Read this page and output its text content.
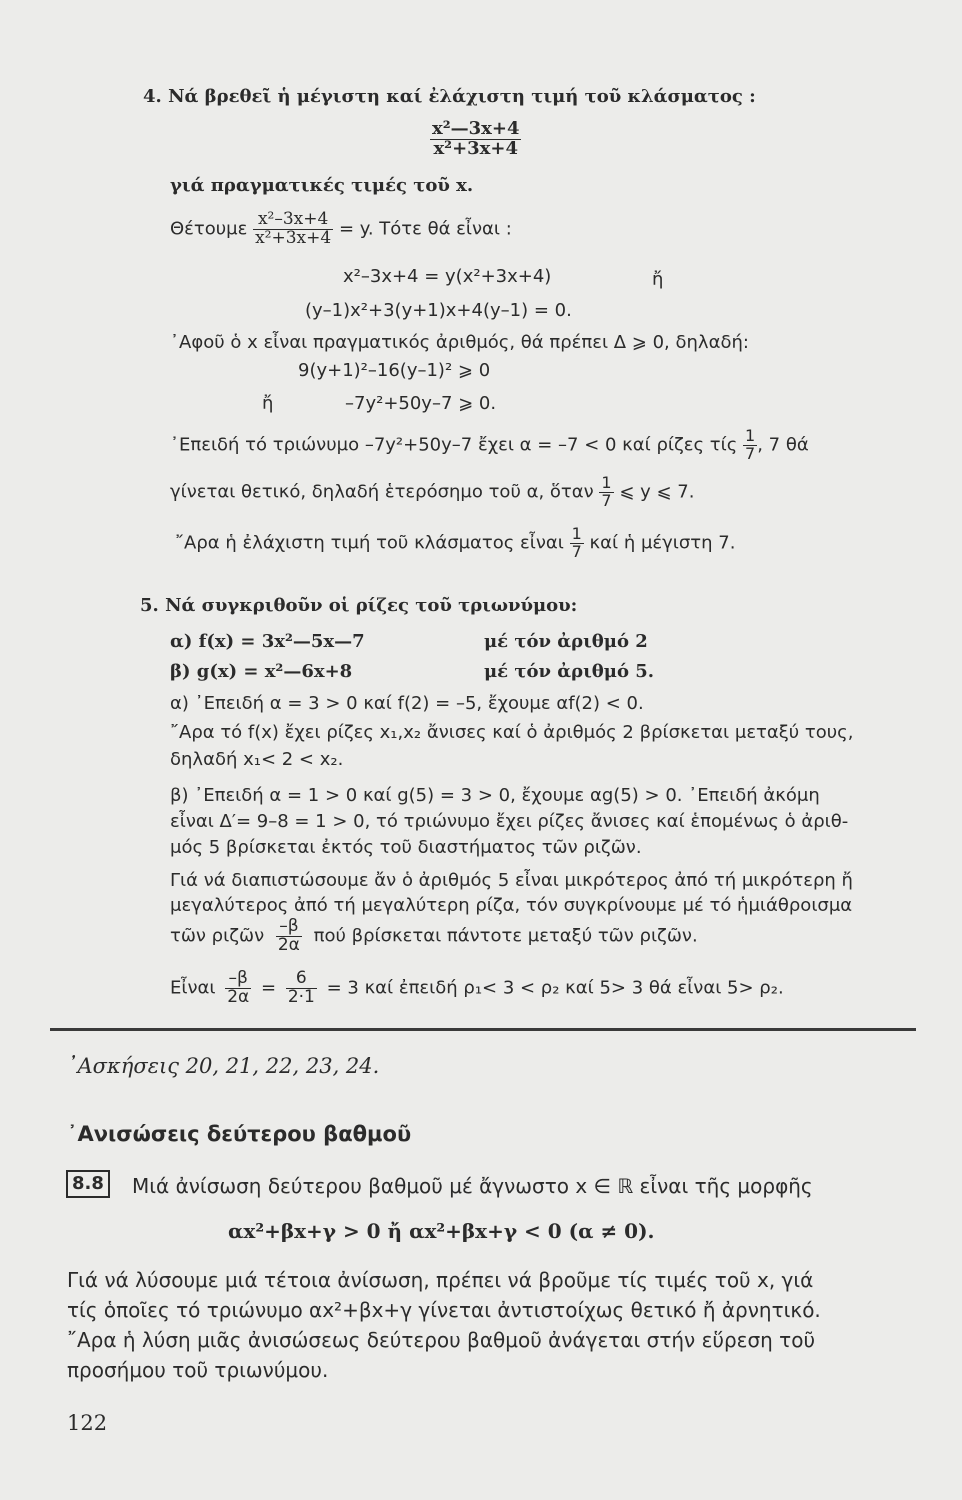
4. Νά βρεθεῖ ἡ μέγιστη καί ἐλάχιστη τιμή τοῦ κλάσματος :
$\frac{\text{x²—3x+4}}{\text{x²+3x+4}}$
γιά πραγματικές τιμές τοῦ x.
Θέτουμε $\frac{\text{x²–3x+4}}{\text{x²+3x+4}} = y$. Τότε θά εἶναι :
x²–3x+4 = y(x²+3x+4)	ἤ
(y–1)x²+3(y+1)x+4(y–1) = 0.
᾿Αφοῦ ὁ x εἶναι πραγματικός ἀριθμός, θά πρέπει Δ ⩾ 0, δηλαδή:
9(y+1)²–16(y–1)² ⩾ 0
ἤ	–7y²+50y–7 ⩾ 0.
᾿Επειδή τό τριώνυμο –7y²+50y–7 ἔχει α = –7 < 0 καί ρίζες τίς $\frac{1}{7}$ , 7 θά
γίνεται θετικό, δηλαδή ἑτερόσημο τοῦ α, ὅταν $\frac{1}{7}$ ⩽ y ⩽ 7.
῎Αρα ἡ ἐλάχιστη τιμή τοῦ κλάσματος εἶναι $\frac{1}{7}$ καί ἡ μέγιστη 7.
5. Νά συγκριθοῦν οἱ ρίζες τοῦ τριωνύμου:
α) f(x) = 3x²—5x—7	μέ τόν ἀριθμό 2
β) g(x) = x²—6x+8	μέ τόν ἀριθμό 5.
α) ᾿Επειδή α = 3 > 0 καί f(2) = –5, ἔχουμε αf(2) < 0.
῎Αρα τό f(x) ἔχει ρίζες x₁,x₂ ἄνισες καί ὁ ἀριθμός 2 βρίσκεται μεταξύ τους,
δηλαδή x₁< 2 < x₂.
β) ᾿Επειδή α = 1 > 0 καί g(5) = 3 > 0, ἔχουμε αg(5) > 0. ᾿Επειδή ἀκόμη
εἶναι Δ′= 9–8 = 1 > 0, τό τριώνυμο ἔχει ρίζες ἄνισες καί ἑπομένως ὁ ἀριθ-
μός 5 βρίσκεται ἐκτός τοῦ διαστήματος τῶν ριζῶν.
Γιά νά διαπιστώσουμε ἄν ὁ ἀριθμός 5 εἶναι μικρότερος ἀπό τή μικρότερη ἤ
μεγαλύτερος ἀπό τή μεγαλύτερη ρίζα, τόν συγκρίνουμε μέ τό ἡμιάθροισμα
τῶν ριζῶν $\frac{-\beta}{2\alpha}$ πού βρίσκεται πάντοτε μεταξύ τῶν ριζῶν.
Εἶναι $\frac{-\beta}{2\alpha} = \frac{6}{2\cdot 1} = 3$ καί ἐπειδή ρ₁< 3 < ρ₂ καί 5> 3 θά εἶναι 5> ρ₂.
᾿Ασκήσεις 20, 21, 22, 23, 24.
᾿Ανισώσεις δεύτερου βαθμοῦ
8.8	Μιά ἀνίσωση δεύτερου βαθμοῦ μέ ἄγνωστο x ∈ ℝ εἶναι τῆς μορφῆς
αx²+βx+γ > 0 ἤ αx²+βx+γ < 0 (α ≠ 0).
Γιά νά λύσουμε μιά τέτοια ἀνίσωση, πρέπει νά βροῦμε τίς τιμές τοῦ x, γιά
τίς ὁποῖες τό τριώνυμο αx²+βx+γ γίνεται ἀντιστοίχως θετικό ἤ ἀρνητικό.
῎Αρα ἡ λύση μιᾶς ἀνισώσεως δεύτερου βαθμοῦ ἀνάγεται στήν εὕρεση τοῦ
προσήμου τοῦ τριωνύμου.
122
